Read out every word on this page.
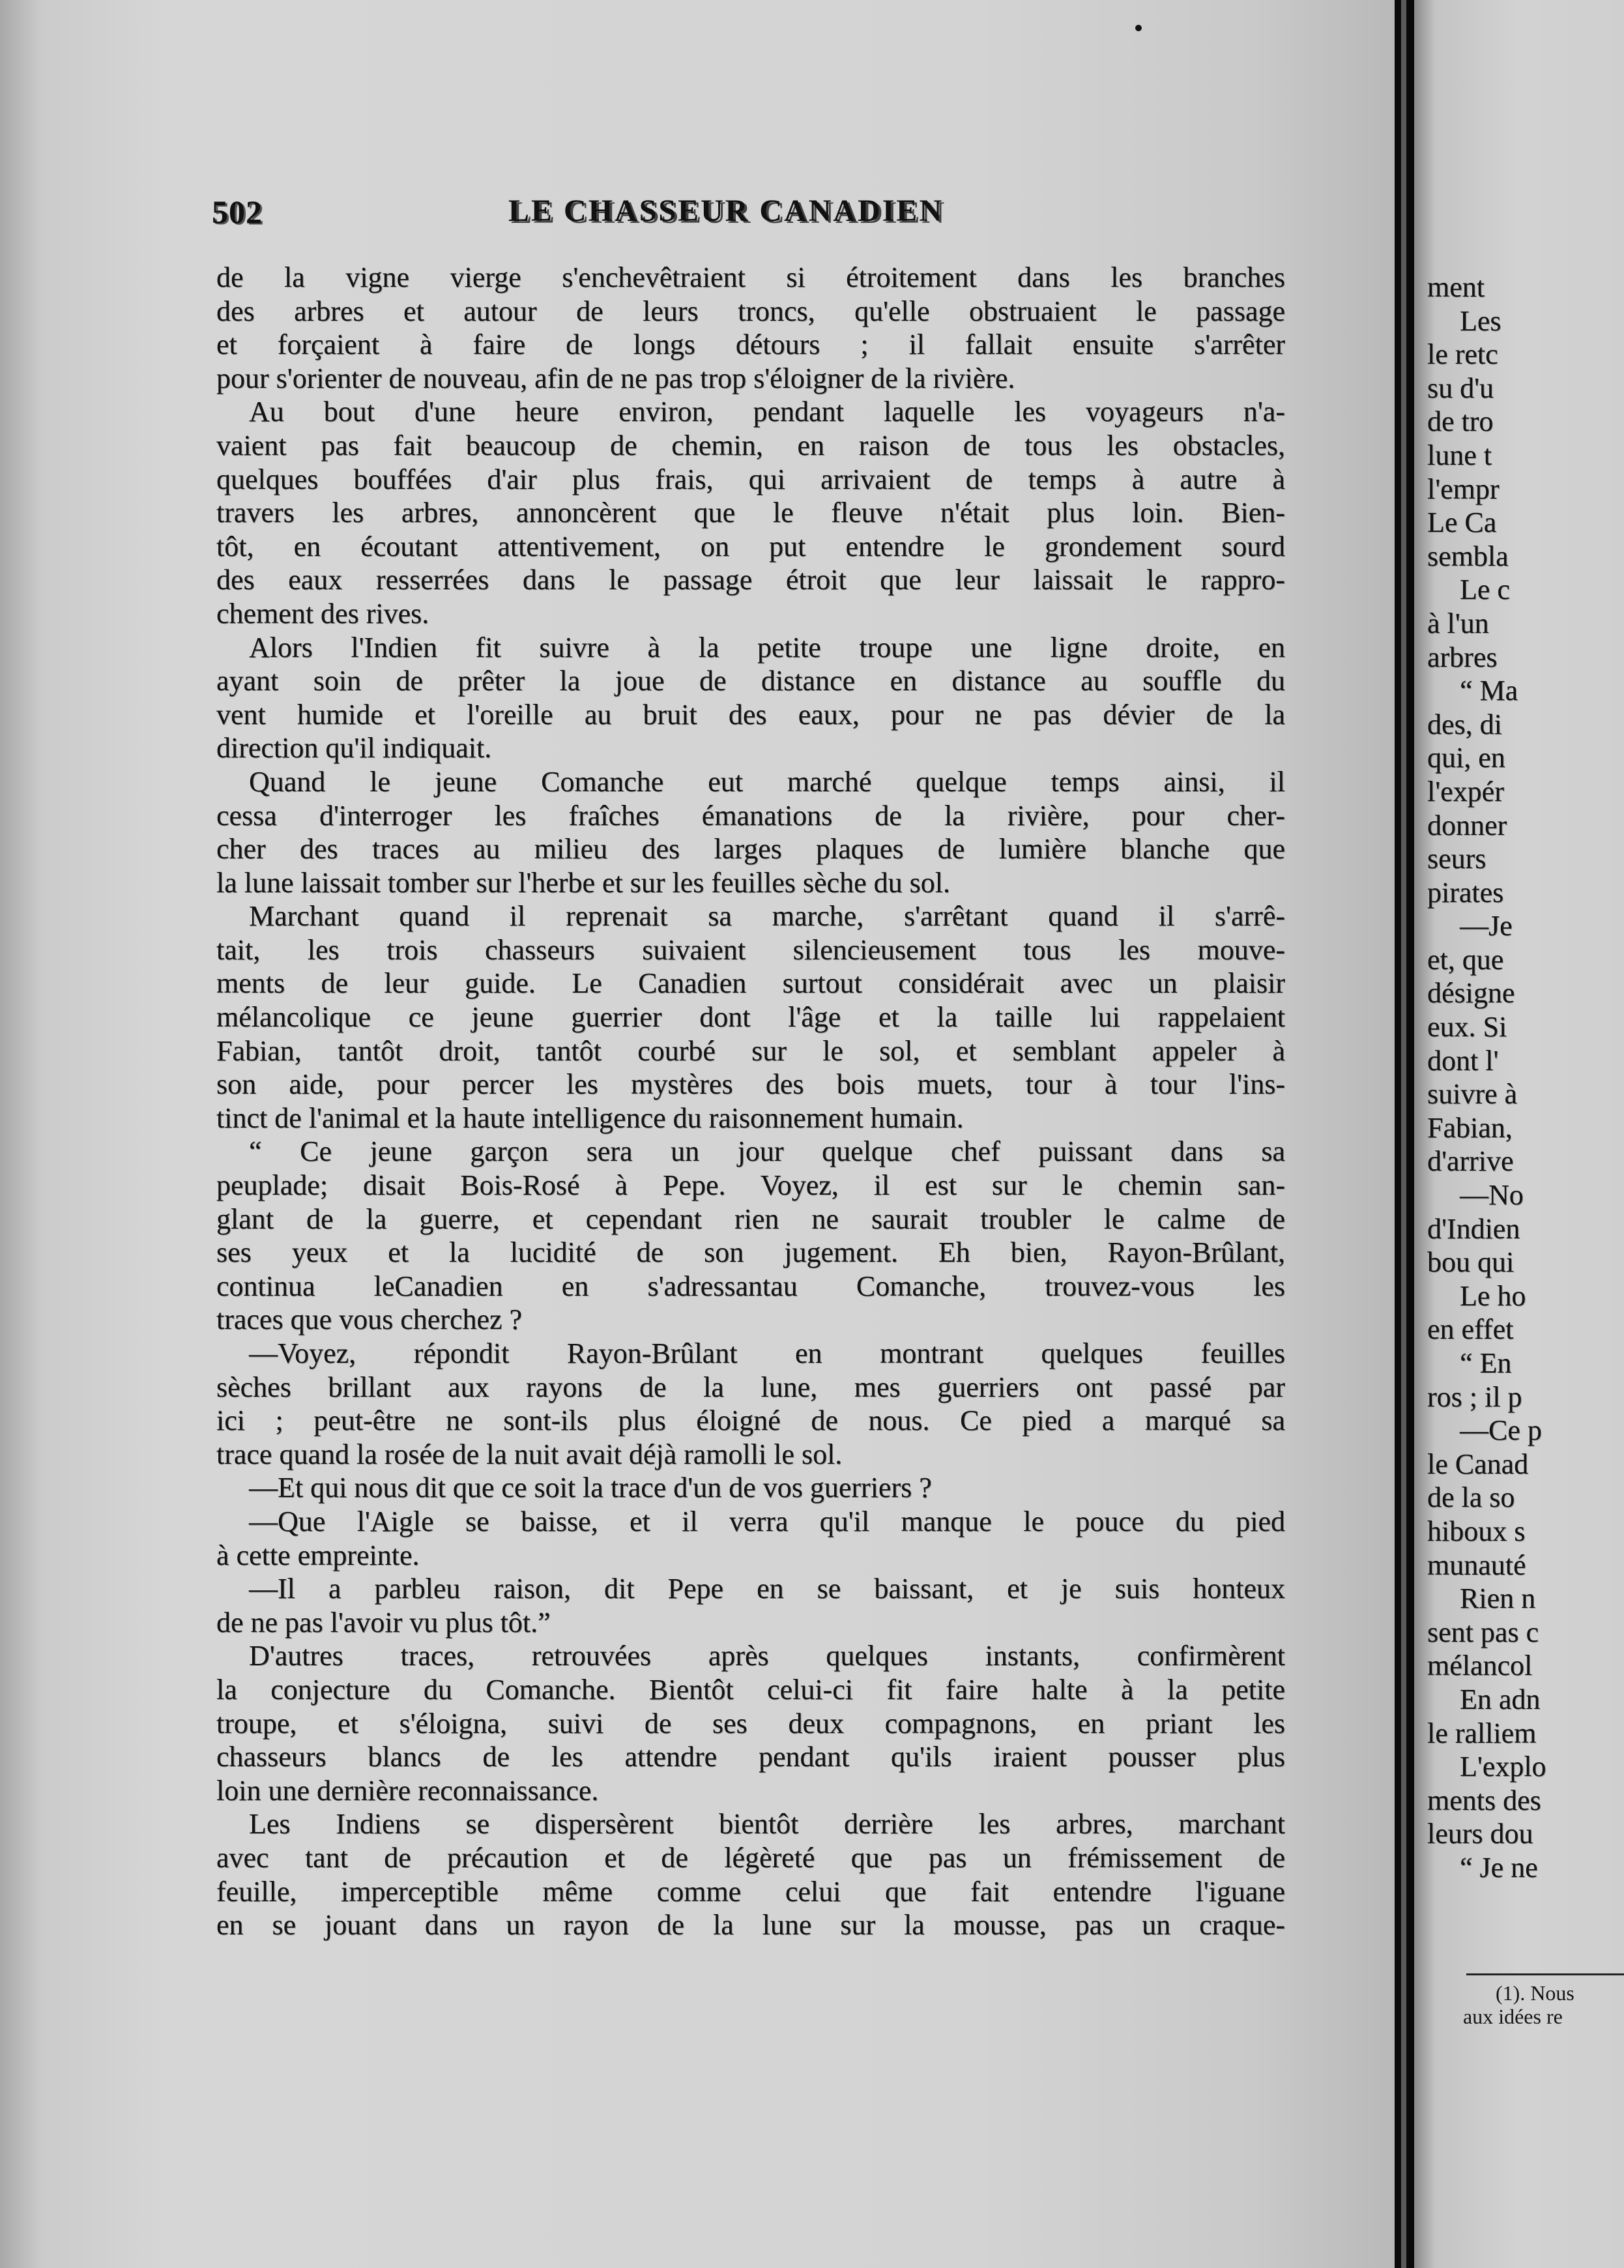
502	LE CHASSEUR CANADIEN
de la vigne vierge s'enchevêtraient si étroitement dans les branches
des arbres et autour de leurs troncs, qu'elle obstruaient le passage
et forçaient à faire de longs détours ; il fallait ensuite s'arrêter
pour s'orienter de nouveau, afin de ne pas trop s'éloigner de la rivière.
Au bout d'une heure environ, pendant laquelle les voyageurs n'a-
vaient pas fait beaucoup de chemin, en raison de tous les obstacles,
quelques bouffées d'air plus frais, qui arrivaient de temps à autre à
travers les arbres, annoncèrent que le fleuve n'était plus loin. Bien-
tôt, en écoutant attentivement, on put entendre le grondement sourd
des eaux resserrées dans le passage étroit que leur laissait le rappro-
chement des rives.
Alors l'Indien fit suivre à la petite troupe une ligne droite, en
ayant soin de prêter la joue de distance en distance au souffle du
vent humide et l'oreille au bruit des eaux, pour ne pas dévier de la
direction qu'il indiquait.
Quand le jeune Comanche eut marché quelque temps ainsi, il
cessa d'interroger les fraîches émanations de la rivière, pour cher-
cher des traces au milieu des larges plaques de lumière blanche que
la lune laissait tomber sur l'herbe et sur les feuilles sèche du sol.
Marchant quand il reprenait sa marche, s'arrêtant quand il s'arrê-
tait, les trois chasseurs suivaient silencieusement tous les mouve-
ments de leur guide. Le Canadien surtout considérait avec un plaisir
mélancolique ce jeune guerrier dont l'âge et la taille lui rappelaient
Fabian, tantôt droit, tantôt courbé sur le sol, et semblant appeler à
son aide, pour percer les mystères des bois muets, tour à tour l'ins-
tinct de l'animal et la haute intelligence du raisonnement humain.
“ Ce jeune garçon sera un jour quelque chef puissant dans sa
peuplade; disait Bois-Rosé à Pepe. Voyez, il est sur le chemin san-
glant de la guerre, et cependant rien ne saurait troubler le calme de
ses yeux et la lucidité de son jugement. Eh bien, Rayon-Brûlant,
continua leCanadien en s'adressantau Comanche, trouvez-vous les
traces que vous cherchez ?
—Voyez, répondit Rayon-Brûlant en montrant quelques feuilles
sèches brillant aux rayons de la lune, mes guerriers ont passé par
ici ; peut-être ne sont-ils plus éloigné de nous. Ce pied a marqué sa
trace quand la rosée de la nuit avait déjà ramolli le sol.
—Et qui nous dit que ce soit la trace d'un de vos guerriers ?
—Que l'Aigle se baisse, et il verra qu'il manque le pouce du pied
à cette empreinte.
—Il a parbleu raison, dit Pepe en se baissant, et je suis honteux
de ne pas l'avoir vu plus tôt.”
D'autres traces, retrouvées après quelques instants, confirmèrent
la conjecture du Comanche. Bientôt celui-ci fit faire halte à la petite
troupe, et s'éloigna, suivi de ses deux compagnons, en priant les
chasseurs blancs de les attendre pendant qu'ils iraient pousser plus
loin une dernière reconnaissance.
Les Indiens se dispersèrent bientôt derrière les arbres, marchant
avec tant de précaution et de légèreté que pas un frémissement de
feuille, imperceptible même comme celui que fait entendre l'iguane
en se jouant dans un rayon de la lune sur la mousse, pas un craque-
ment
Les
le retc
su d'u
de tro
lune t
l'empr
Le Ca
sembla
Le c
à l'un
arbres
“ Ma
des, di
qui, en
l'expér
donner
seurs
pirates
—Je
et, que
désigne
eux. Si
dont l'
suivre à
Fabian,
d'arrive
—No
d'Indien
bou qui
Le ho
en effet
“ En
ros ; il p
—Ce p
le Canad
de la so
hiboux s
munauté
Rien n
sent pas c
mélancol
En adn
le ralliem
L'explo
ments des
leurs dou
“ Je ne
(1). Nous
aux idées re
